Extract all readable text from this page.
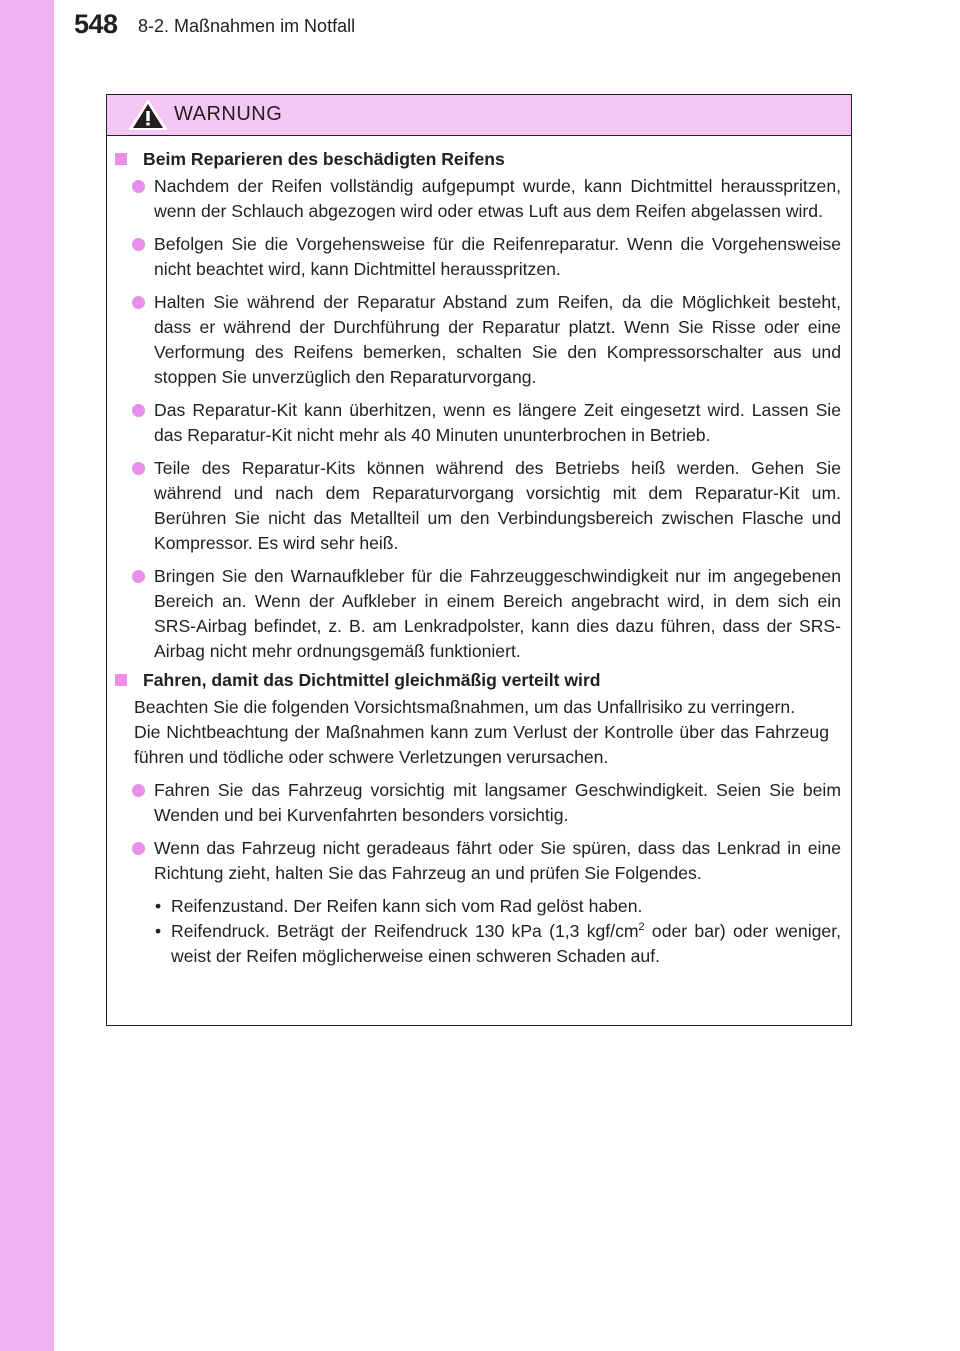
548 8-2. Maßnahmen im Notfall
WARNUNG
Beim Reparieren des beschädigten Reifens
Nachdem der Reifen vollständig aufgepumpt wurde, kann Dichtmittel herausspritzen, wenn der Schlauch abgezogen wird oder etwas Luft aus dem Reifen abgelassen wird.
Befolgen Sie die Vorgehensweise für die Reifenreparatur. Wenn die Vorgehensweise nicht beachtet wird, kann Dichtmittel herausspritzen.
Halten Sie während der Reparatur Abstand zum Reifen, da die Möglichkeit besteht, dass er während der Durchführung der Reparatur platzt. Wenn Sie Risse oder eine Verformung des Reifens bemerken, schalten Sie den Kompressorschalter aus und stoppen Sie unverzüglich den Reparaturvorgang.
Das Reparatur-Kit kann überhitzen, wenn es längere Zeit eingesetzt wird. Lassen Sie das Reparatur-Kit nicht mehr als 40 Minuten ununterbrochen in Betrieb.
Teile des Reparatur-Kits können während des Betriebs heiß werden. Gehen Sie während und nach dem Reparaturvorgang vorsichtig mit dem Reparatur-Kit um. Berühren Sie nicht das Metallteil um den Verbindungsbereich zwischen Flasche und Kompressor. Es wird sehr heiß.
Bringen Sie den Warnaufkleber für die Fahrzeuggeschwindigkeit nur im angegebenen Bereich an. Wenn der Aufkleber in einem Bereich angebracht wird, in dem sich ein SRS-Airbag befindet, z. B. am Lenkradpolster, kann dies dazu führen, dass der SRS-Airbag nicht mehr ordnungsgemäß funktioniert.
Fahren, damit das Dichtmittel gleichmäßig verteilt wird

Beachten Sie die folgenden Vorsichtsmaßnahmen, um das Unfallrisiko zu verringern.

Die Nichtbeachtung der Maßnahmen kann zum Verlust der Kontrolle über das Fahrzeug führen und tödliche oder schwere Verletzungen verursachen.

Fahren Sie das Fahrzeug vorsichtig mit langsamer Geschwindigkeit. Seien Sie beim Wenden und bei Kurvenfahrten besonders vorsichtig.
Wenn das Fahrzeug nicht geradeaus fährt oder Sie spüren, dass das Lenkrad in eine Richtung zieht, halten Sie das Fahrzeug an und prüfen Sie Folgendes.
• Reifenzustand. Der Reifen kann sich vom Rad gelöst haben.
• Reifendruck. Beträgt der Reifendruck 130 kPa (1,3 kgf/$cm^2$ oder bar) oder weniger, weist der Reifen möglicherweise einen schweren Schaden auf.
